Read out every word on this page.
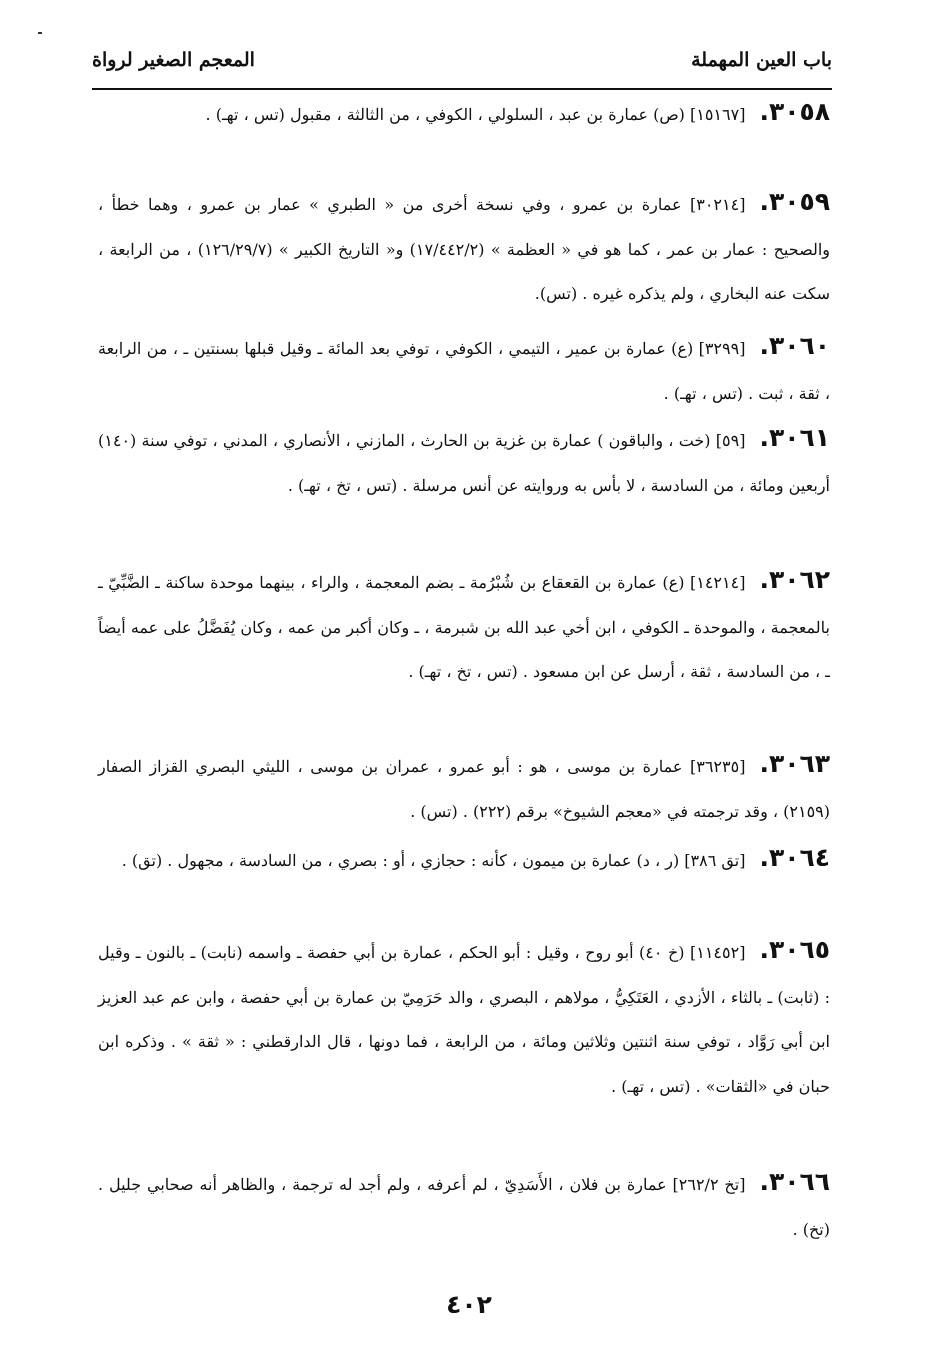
باب العين المهملة
المعجم الصغير لرواة
٣٠٥٨.[١٥١٦٧] (ص) عمارة بن عبد ، السلولي ، الكوفي ، من الثالثة ، مقبول (تس ، تهـ) .
٣٠٥٩.[٣٠٢١٤] عمارة بن عمرو ، وفي نسخة أخرى من « الطبري » عمار بن عمرو ، وهما خطأ ، والصحيح : عمار بن عمر ، كما هو في « العظمة » (١٧/٤٤٢/٢) و« التاريخ الكبير » (١٢٦/٢٩/٧) ، من الرابعة ، سكت عنه البخاري ، ولم يذكره غيره . (تس).
٣٠٦٠.[٣٢٩٩] (ع) عمارة بن عمير ، التيمي ، الكوفي ، توفي بعد المائة ـ وقيل قبلها بسنتين ـ ، من الرابعة ، ثقة ، ثبت . (تس ، تهـ) .
٣٠٦١.[٥٩] (خت ، والباقون ) عمارة بن غزية بن الحارث ، المازني ، الأنصاري ، المدني ، توفي سنة (١٤٠) أربعين ومائة ، من السادسة ، لا بأس به وروايته عن أنس مرسلة . (تس ، تخ ، تهـ) .
٣٠٦٢.[١٤٢١٤] (ع) عمارة بن القعقاع بن شُبْرُمة ـ بضم المعجمة ، والراء ، بينهما موحدة ساكنة ـ الضَّبِّيّ ـ بالمعجمة ، والموحدة ـ الكوفي ، ابن أخي عبد الله بن شبرمة ، ـ وكان أكبر من عمه ، وكان يُفَضَّلُ على عمه أيضاً ـ ، من السادسة ، ثقة ، أرسل عن ابن مسعود . (تس ، تخ ، تهـ) .
٣٠٦٣.[٣٦٢٣٥] عمارة بن موسى ، هو : أبو عمرو ، عمران بن موسى ، الليثي البصري القزاز الصفار (٢١٥٩) ، وقد ترجمته في «معجم الشيوخ» برقم (٢٢٢) . (تس) .
٣٠٦٤.[تق ٣٨٦] (ر ، د) عمارة بن ميمون ، كأنه : حجازي ، أو : بصري ، من السادسة ، مجهول . (تق) .
٣٠٦٥.[١١٤٥٢] (خ ٤٠) أبو روح ، وقيل : أبو الحكم ، عمارة بن أبي حفصة ـ واسمه (نابت) ـ بالنون ـ وقيل : (ثابت) ـ بالثاء ، الأزدي ، العَتَكِيُّ ، مولاهم ، البصري ، والد حَرَمِيّ بن عمارة بن أبي حفصة ، وابن عم عبد العزيز ابن أبي رَوَّاد ، توفي سنة اثنتين وثلاثين ومائة ، من الرابعة ، فما دونها ، قال الدارقطني : « ثقة » . وذكره ابن حبان في «الثقات» . (تس ، تهـ) .
٣٠٦٦.[تخ ٢٦٢/٢] عمارة بن فلان ، الأَسَدِيّ ، لم أعرفه ، ولم أجد له ترجمة ، والظاهر أنه صحابي جليل . (تخ) .
٤٠٢
